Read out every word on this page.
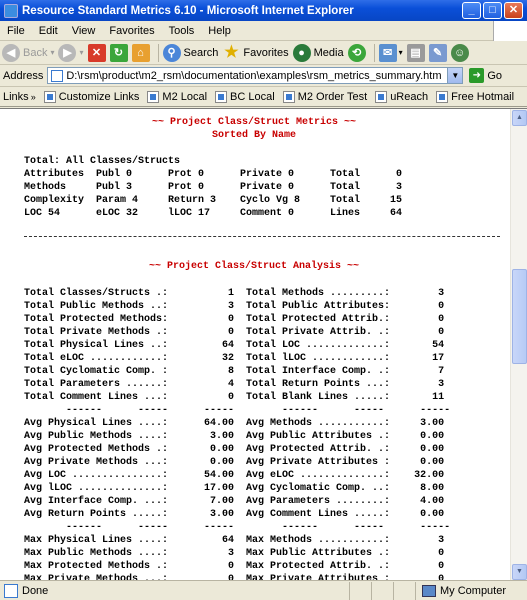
Resource Standard Metrics 6.10 - Microsoft Internet Explorer	_	□	✕
File	Edit	View	Favorites	Tools	Help
◀ Back ▾ ▶ ▾ ✕	↻	⌂	⚲ Search ★ Favorites ● Media ⟲	✉ ▾ ▤	✎	☺
Address D:\rsm\product\m2_rsm\documentation\examples\rsm_metrics_summary.htm	▼	➜ Go
Links » Customize Links M2 Local BC Local M2 Order Test uReach Free Hotmail
~~ Project Class/Struct Metrics ~~
Sorted By Name
Total: All Classes/Structs
Attributes  Publ 0      Prot 0      Private 0      Total      0
Methods     Publ 3      Prot 0      Private 0      Total      3
Complexity  Param 4     Return 3    Cyclo Vg 8     Total     15
LOC 54      eLOC 32     lLOC 17     Comment 0      Lines     64
~~ Project Class/Struct Analysis ~~
Total Classes/Structs .:          1  Total Methods .........:        3
Total Public Methods ..:          3  Total Public Attributes:        0
Total Protected Methods:          0  Total Protected Attrib.:        0
Total Private Methods .:          0  Total Private Attrib. .:        0
Total Physical Lines ..:         64  Total LOC .............:       54
Total eLOC ............:         32  Total lLOC ............:       17
Total Cyclomatic Comp. :          8  Total Interface Comp. .:        7
Total Parameters ......:          4  Total Return Points ...:        3
Total Comment Lines ...:          0  Total Blank Lines .....:       11
------      -----      -----        ------      -----      -----
Avg Physical Lines ....:      64.00  Avg Methods ...........:     3.00
Avg Public Methods ....:       3.00  Avg Public Attributes .:     0.00
Avg Protected Methods .:       0.00  Avg Protected Attrib. .:     0.00
Avg Private Methods ...:       0.00  Avg Private Attributes :     0.00
Avg LOC ...............:      54.00  Avg eLOC ..............:    32.00
Avg lLOC ..............:      17.00  Avg Cyclomatic Comp. ..:     8.00
Avg Interface Comp. ...:       7.00  Avg Parameters ........:     4.00
Avg Return Points .....:       3.00  Avg Comment Lines .....:     0.00
------      -----      -----        ------      -----      -----
Max Physical Lines ....:         64  Max Methods ...........:        3
Max Public Methods ....:          3  Max Public Attributes .:        0
Max Protected Methods .:          0  Max Protected Attrib. .:        0
Max Private Methods ...:          0  Max Private Attributes :        0
▲
▼
Done	My Computer
